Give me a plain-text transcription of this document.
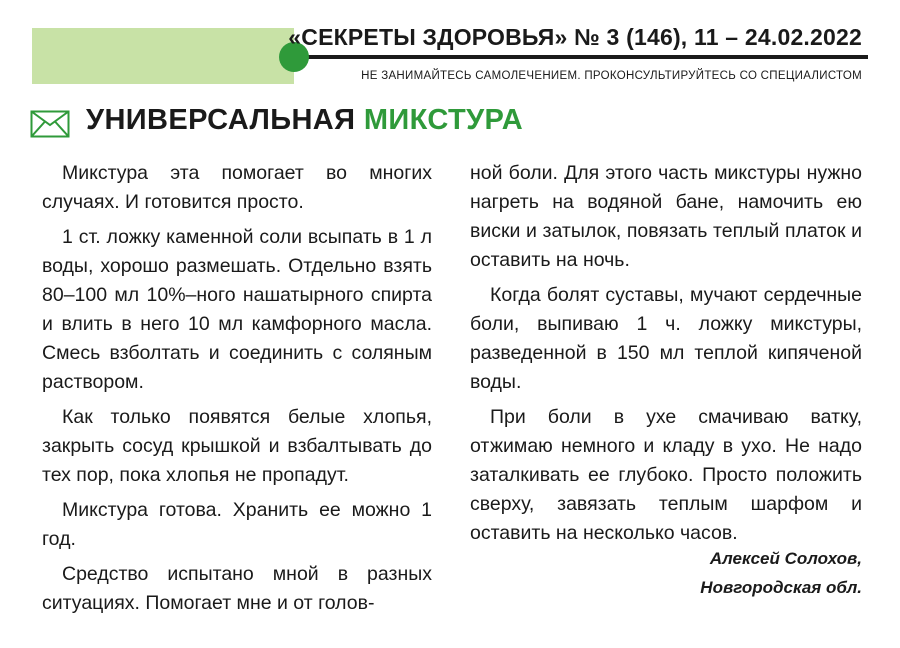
«СЕКРЕТЫ ЗДОРОВЬЯ» № 3 (146), 11 – 24.02.2022
НЕ ЗАНИМАЙТЕСЬ САМОЛЕЧЕНИЕМ. ПРОКОНСУЛЬТИРУЙТЕСЬ СО СПЕЦИАЛИСТОМ
УНИВЕРСАЛЬНАЯ МИКСТУРА

Микстура эта помогает во многих случаях. И готовится просто.

1 ст. ложку каменной соли всыпать в 1 л воды, хорошо размешать. Отдельно взять 80–100 мл 10%–ного нашатырного спирта и влить в него 10 мл камфорного масла. Смесь взболтать и соединить с соляным раствором.

Как только появятся белые хлопья, закрыть сосуд крышкой и взбалтывать до тех пор, пока хлопья не пропадут.

Микстура готова. Хранить ее можно 1 год.

Средство испытано мной в разных ситуациях. Помогает мне и от голов-

ной боли. Для этого часть микстуры нужно нагреть на водяной бане, намочить ею виски и затылок, повязать теплый платок и оставить на ночь.

Когда болят суставы, мучают сердечные боли, выпиваю 1 ч. ложку микстуры, разведенной в 150 мл теплой кипяченой воды.

При боли в ухе смачиваю ватку, отжимаю немного и кладу в ухо. Не надо заталкивать ее глубоко. Просто положить сверху, завязать теплым шарфом и оставить на несколько часов.

Алексей Солохов,
Новгородская обл.
